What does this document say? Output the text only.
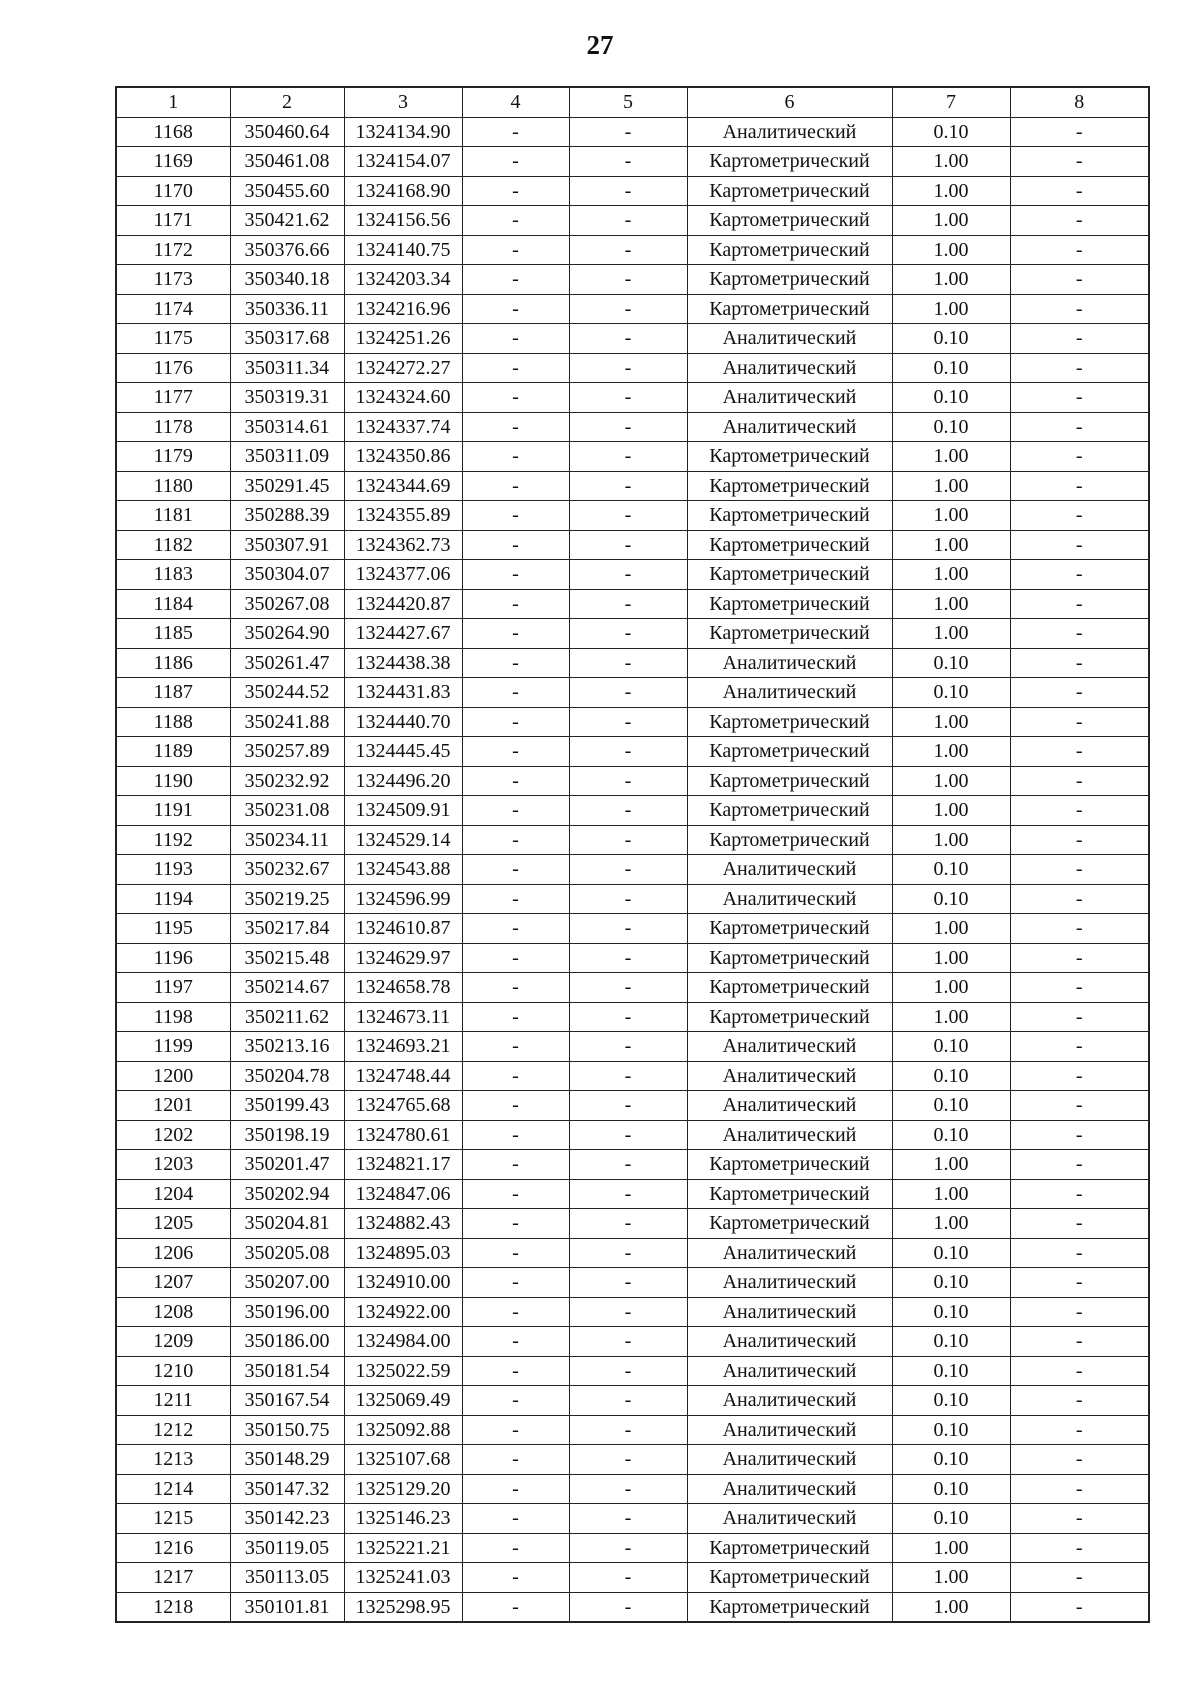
27
1	2	3	4	5	6	7	8
1168	350460.64	1324134.90	-	-	Аналитический	0.10	-
1169	350461.08	1324154.07	-	-	Картометрический	1.00	-
1170	350455.60	1324168.90	-	-	Картометрический	1.00	-
1171	350421.62	1324156.56	-	-	Картометрический	1.00	-
1172	350376.66	1324140.75	-	-	Картометрический	1.00	-
1173	350340.18	1324203.34	-	-	Картометрический	1.00	-
1174	350336.11	1324216.96	-	-	Картометрический	1.00	-
1175	350317.68	1324251.26	-	-	Аналитический	0.10	-
1176	350311.34	1324272.27	-	-	Аналитический	0.10	-
1177	350319.31	1324324.60	-	-	Аналитический	0.10	-
1178	350314.61	1324337.74	-	-	Аналитический	0.10	-
1179	350311.09	1324350.86	-	-	Картометрический	1.00	-
1180	350291.45	1324344.69	-	-	Картометрический	1.00	-
1181	350288.39	1324355.89	-	-	Картометрический	1.00	-
1182	350307.91	1324362.73	-	-	Картометрический	1.00	-
1183	350304.07	1324377.06	-	-	Картометрический	1.00	-
1184	350267.08	1324420.87	-	-	Картометрический	1.00	-
1185	350264.90	1324427.67	-	-	Картометрический	1.00	-
1186	350261.47	1324438.38	-	-	Аналитический	0.10	-
1187	350244.52	1324431.83	-	-	Аналитический	0.10	-
1188	350241.88	1324440.70	-	-	Картометрический	1.00	-
1189	350257.89	1324445.45	-	-	Картометрический	1.00	-
1190	350232.92	1324496.20	-	-	Картометрический	1.00	-
1191	350231.08	1324509.91	-	-	Картометрический	1.00	-
1192	350234.11	1324529.14	-	-	Картометрический	1.00	-
1193	350232.67	1324543.88	-	-	Аналитический	0.10	-
1194	350219.25	1324596.99	-	-	Аналитический	0.10	-
1195	350217.84	1324610.87	-	-	Картометрический	1.00	-
1196	350215.48	1324629.97	-	-	Картометрический	1.00	-
1197	350214.67	1324658.78	-	-	Картометрический	1.00	-
1198	350211.62	1324673.11	-	-	Картометрический	1.00	-
1199	350213.16	1324693.21	-	-	Аналитический	0.10	-
1200	350204.78	1324748.44	-	-	Аналитический	0.10	-
1201	350199.43	1324765.68	-	-	Аналитический	0.10	-
1202	350198.19	1324780.61	-	-	Аналитический	0.10	-
1203	350201.47	1324821.17	-	-	Картометрический	1.00	-
1204	350202.94	1324847.06	-	-	Картометрический	1.00	-
1205	350204.81	1324882.43	-	-	Картометрический	1.00	-
1206	350205.08	1324895.03	-	-	Аналитический	0.10	-
1207	350207.00	1324910.00	-	-	Аналитический	0.10	-
1208	350196.00	1324922.00	-	-	Аналитический	0.10	-
1209	350186.00	1324984.00	-	-	Аналитический	0.10	-
1210	350181.54	1325022.59	-	-	Аналитический	0.10	-
1211	350167.54	1325069.49	-	-	Аналитический	0.10	-
1212	350150.75	1325092.88	-	-	Аналитический	0.10	-
1213	350148.29	1325107.68	-	-	Аналитический	0.10	-
1214	350147.32	1325129.20	-	-	Аналитический	0.10	-
1215	350142.23	1325146.23	-	-	Аналитический	0.10	-
1216	350119.05	1325221.21	-	-	Картометрический	1.00	-
1217	350113.05	1325241.03	-	-	Картометрический	1.00	-
1218	350101.81	1325298.95	-	-	Картометрический	1.00	-
